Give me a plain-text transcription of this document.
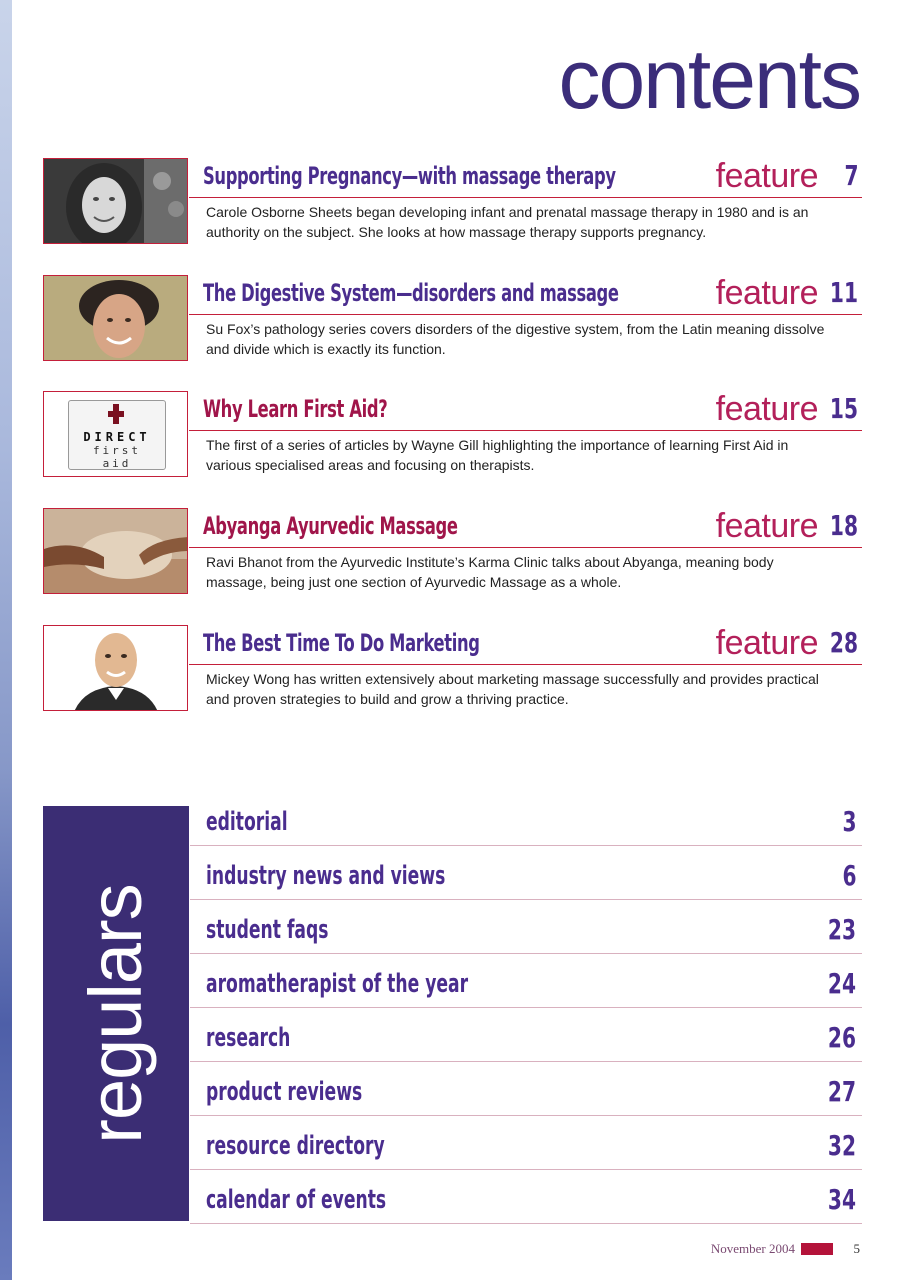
contents
Supporting Pregnancy—with massage therapy	feature 7
Carole Osborne Sheets began developing infant and prenatal massage therapy in 1980 and is an authority on the subject. She looks at how massage therapy supports pregnancy.
The Digestive System—disorders and massage	feature 11
Su Fox’s pathology series covers disorders of the digestive system, from the Latin meaning dissolve and divide which is exactly its function.
DIRECT
first aid
Why Learn First Aid?	feature 15
The first of a series of articles by Wayne Gill highlighting the importance of learning First Aid in various specialised areas and focusing on therapists.
Abyanga Ayurvedic Massage	feature 18
Ravi Bhanot from the Ayurvedic Institute’s Karma Clinic talks about Abyanga, meaning body massage, being just one section of Ayurvedic Massage as a whole.
The Best Time To Do Marketing	feature 28
Mickey Wong has written extensively about marketing massage successfully and provides practical and proven strategies to build and grow a thriving practice.
regulars
editorial	3
industry news and views	6
student faqs	23
aromatherapist of the year	24
research	26
product reviews	27
resource directory	32
calendar of events	34
November 2004	5
